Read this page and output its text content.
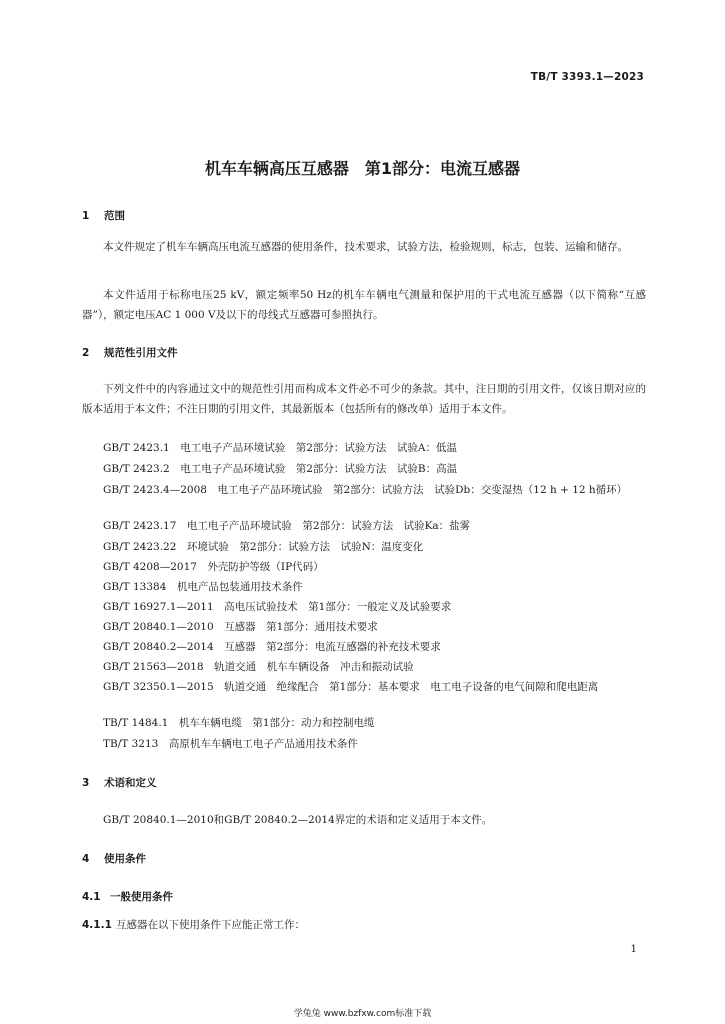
TB/T 3393.1—2023
机车车辆高压互感器　第1部分：电流互感器
1 范围
本文件规定了机车车辆高压电流互感器的使用条件，技术要求，试验方法，检验规则，标志，包装、运输和储存。
本文件适用于标称电压25 kV，额定频率50 Hz的机车车辆电气测量和保护用的干式电流互感器（以下简称“互感器”），额定电压AC 1 000 V及以下的母线式互感器可参照执行。
2 规范性引用文件
下列文件中的内容通过文中的规范性引用而构成本文件必不可少的条款。其中，注日期的引用文件，仅该日期对应的版本适用于本文件；不注日期的引用文件，其最新版本（包括所有的修改单）适用于本文件。
GB/T 2423.1　电工电子产品环境试验　第2部分：试验方法　试验A：低温
GB/T 2423.2　电工电子产品环境试验　第2部分：试验方法　试验B：高温
GB/T 2423.4—2008　电工电子产品环境试验　第2部分：试验方法　试验Db：交变湿热（12 h + 12 h循环）
GB/T 2423.17　电工电子产品环境试验　第2部分：试验方法　试验Ka：盐雾
GB/T 2423.22　环境试验　第2部分：试验方法　试验N：温度变化
GB/T 4208—2017　外壳防护等级（IP代码）
GB/T 13384　机电产品包装通用技术条件
GB/T 16927.1—2011　高电压试验技术　第1部分：一般定义及试验要求
GB/T 20840.1—2010　互感器　第1部分：通用技术要求
GB/T 20840.2—2014　互感器　第2部分：电流互感器的补充技术要求
GB/T 21563—2018　轨道交通　机车车辆设备　冲击和振动试验
GB/T 32350.1—2015　轨道交通　绝缘配合　第1部分：基本要求　电工电子设备的电气间隙和爬电距离
TB/T 1484.1　机车车辆电缆　第1部分：动力和控制电缆
TB/T 3213　高原机车车辆电工电子产品通用技术条件
3 术语和定义
GB/T 20840.1—2010和GB/T 20840.2—2014界定的术语和定义适用于本文件。
4 使用条件
4.1 一般使用条件
4.1.1 互感器在以下使用条件下应能正常工作：
1
学兔兔 www.bzfxw.com标准下载
